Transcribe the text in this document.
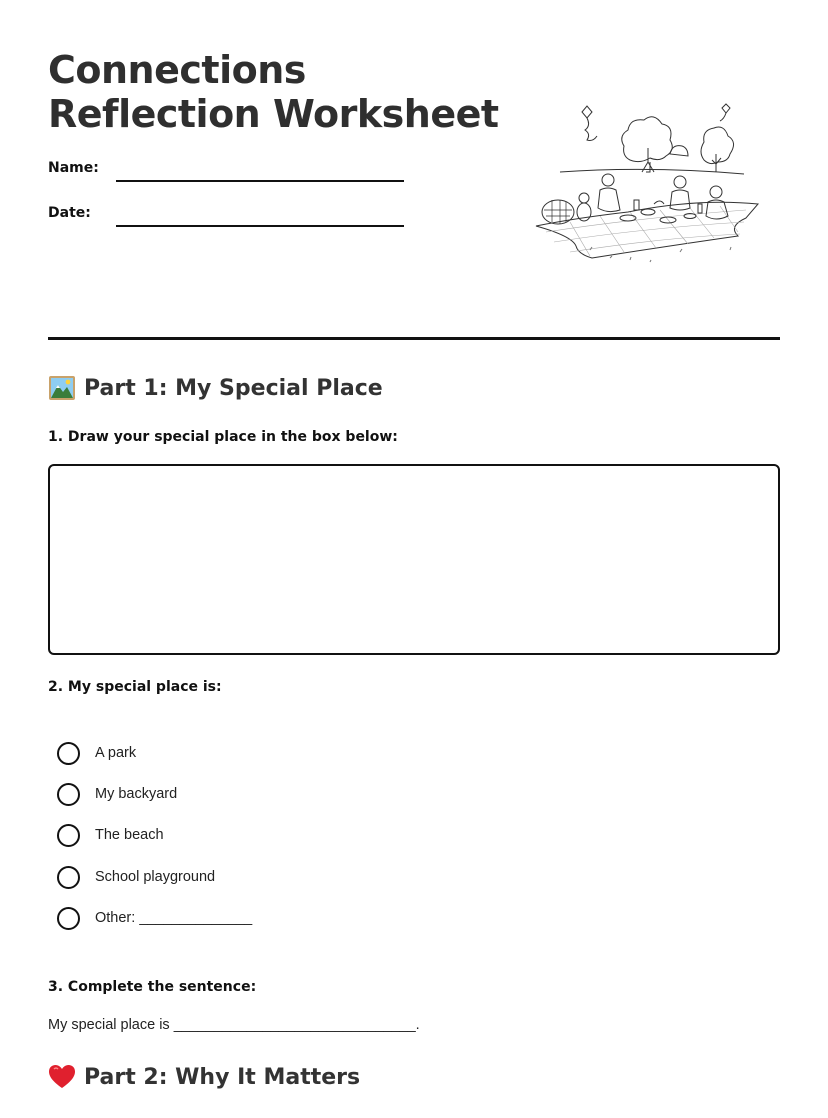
Connections Reflection Worksheet
Name:
Date:
Part 1: My Special Place

1. Draw your special place in the box below:

2. My special place is:

A park
My backyard
The beach
School playground
Other: ______________

3. Complete the sentence:

My special place is ______________________________.
Part 2: Why It Matters
